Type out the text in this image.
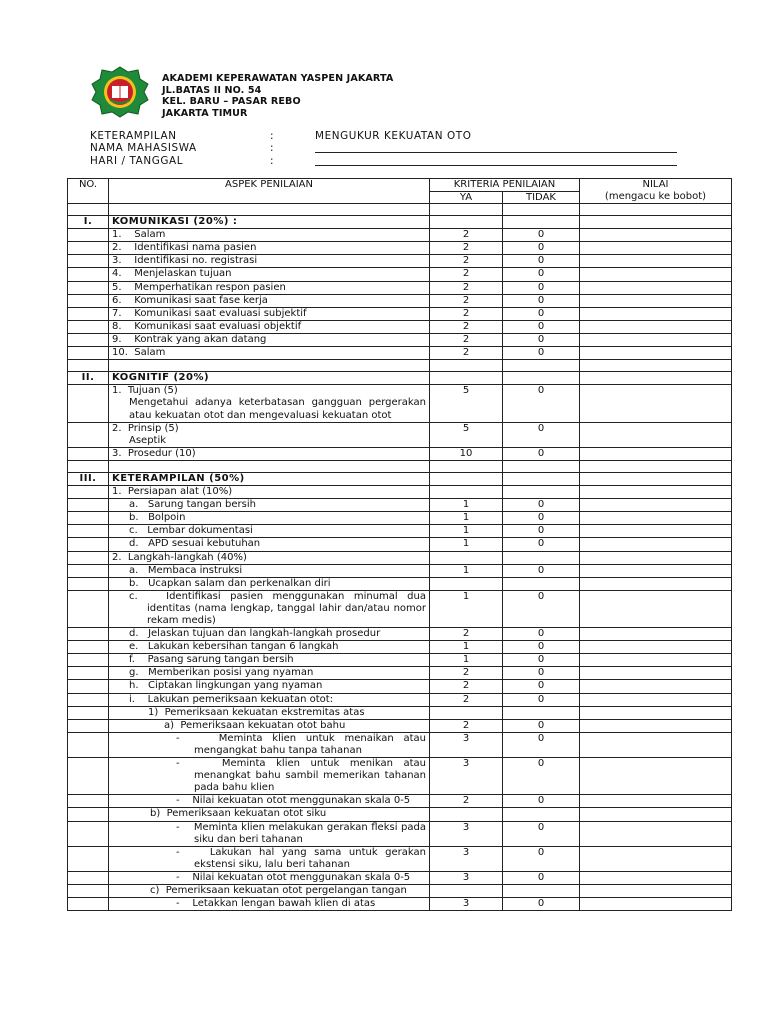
AKADEMI KEPERAWATAN YASPEN JAKARTA
JL.BATAS II NO. 54
KEL. BARU – PASAR REBO
JAKARTA TIMUR
KETERAMPILAN	:	MENGUKUR KEKUATAN OTO
NAMA MAHASISWA	:
HARI / TANGGAL	:
NO.	ASPEK PENILAIAN	KRITERIA PENILAIAN		NILAI
(mengacu ke bobot)

		YA	TIDAK	

I.	KOMUNIKASI (20%) :			

	1.    Salam	2	0	

	2.    Identifikasi nama pasien	2	0	

	3.    Identifikasi no. registrasi	2	0	

	4.    Menjelaskan tujuan	2	0	

	5.    Memperhatikan respon pasien	2	0	

	6.    Komunikasi saat fase kerja	2	0	

	7.    Komunikasi saat evaluasi subjektif	2	0	

	8.    Komunikasi saat evaluasi objektif	2	0	

	9.    Kontrak yang akan datang	2	0	

	10.  Salam	2	0	

II.	KOGNITIF (20%)			

	1.  Tujuan (5)
Mengetahui adanya keterbatasan gangguan pergerakan atau kekuatan otot dan mengevaluasi kekuatan otot	5	0	

	2.  Prinsip (5)
Aseptik	5	0	

	3.  Prosedur (10)	10	0	

III.	KETERAMPILAN (50%)			

	1.  Persiapan alat (10%)			

	a.   Sarung tangan bersih	1	0	

	b.   Bolpoin	1	0	

	c.   Lembar dokumentasi	1	0	

	d.   APD sesuai kebutuhan	1	0	

	2.  Langkah-langkah (40%)			

	a.   Membaca instruksi	1	0	

	b.   Ucapkan salam dan perkenalkan diri			

	c.   Identifikasi pasien menggunakan minumal dua identitas (nama lengkap, tanggal lahir dan/atau nomor rekam medis)	1	0	

	d.   Jelaskan tujuan dan langkah-langkah prosedur	2	0	

	e.   Lakukan kebersihan tangan 6 langkah	1	0	

	f.    Pasang sarung tangan bersih	1	0	

	g.   Memberikan posisi yang nyaman	2	0	

	h.   Ciptakan lingkungan yang nyaman	2	0	

	i.    Lakukan pemeriksaan kekuatan otot:	2	0	

	1)  Pemeriksaan kekuatan ekstremitas atas			

	a)  Pemeriksaan kekuatan otot bahu	2	0	

	-    Meminta klien untuk menaikan atau mengangkat bahu tanpa tahanan	3	0	

	-    Meminta klien untuk menikan atau menangkat bahu sambil memerikan tahanan pada bahu klien	3	0	

	-    Nilai kekuatan otot menggunakan skala 0-5	2	0	

	b)  Pemeriksaan kekuatan otot siku			

	-    Meminta klien melakukan gerakan fleksi pada siku dan beri tahanan	3	0	

	-    Lakukan hal yang sama untuk gerakan ekstensi siku, lalu beri tahanan	3	0	

	-    Nilai kekuatan otot menggunakan skala 0-5	3	0	

	c)  Pemeriksaan kekuatan otot pergelangan tangan			

	-    Letakkan lengan bawah klien di atas	3	0	
